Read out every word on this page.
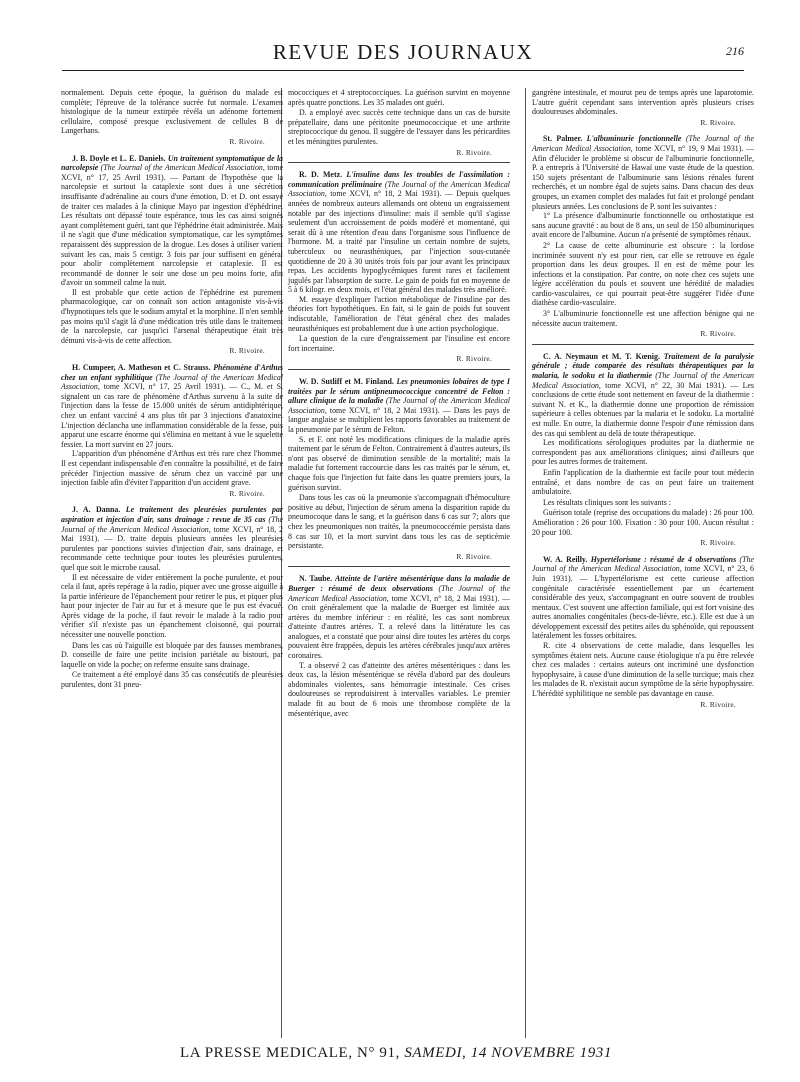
REVUE DES JOURNAUX	216

normalement. Depuis cette époque, la guérison du malade est complète; l'épreuve de la tolérance sucrée fut normale. L'examen histologique de la tumeur extirpée révéla un adénome fortement cellulaire, composé presque exclusivement de cellules B de Langerhans.

R. Rivoire.

J. B. Doyle et L. E. Daniels. Un traitement symptomatique de la narcolepsie (The Journal of the American Medical Association, tome XCVI, n° 17, 25 Avril 1931). — Partant de l'hypothèse que la narcolepsie et surtout la cataplexie sont dues à une sécrétion insuffisante d'adrénaline au cours d'une émotion, D. et D. ont essayé de traiter ces malades à la clinique Mayo par ingestion d'éphédrine. Les résultats ont dépassé toute espérance, tous les cas ainsi soignés ayant complètement guéri, tant que l'éphédrine était administrée. Mais il ne s'agit que d'une médication symptomatique, car les symptômes reparaissent dès suppression de la drogue. Les doses à utiliser varient suivant les cas, mais 5 centigr. 3 fois par jour suffisent en général pour abolir complètement narcolepsie et cataplexie. Il est recommandé de donner le soir une dose un peu moins forte, afin d'avoir un sommeil calme la nuit.

Il est probable que cette action de l'éphédrine est purement pharmacologique, car on connaît son action antagoniste vis-à-vis d'hypnotiques tels que le sodium amytal et la morphine. Il n'en semble pas moins qu'il s'agit là d'une médication très utile dans le traitement de la narcolepsie, car jusqu'ici l'arsenal thérapeutique était très démuni vis-à-vis de cette affection.

R. Rivoire.

H. Cumpeer, A. Matheson et C. Strauss. Phénomène d'Arthus chez un enfant syphilitique (The Journal of the American Medical Association, tome XCVI, n° 17, 25 Avril 1931). — C., M. et S. signalent un cas rare de phénomène d'Arthus survenu à la suite de l'injection dans la fesse de 15.000 unités de sérum antidiphtérique, chez un enfant vacciné 4 ans plus tôt par 3 injections d'anatoxine. L'injection déclancha une inflammation considérable de la fesse, puis apparut une escarre énorme qui s'élimina en mettant à vue le squelette fessier. La mort survint en 27 jours.

L'apparition d'un phénomène d'Arthus est très rare chez l'homme. Il est cependant indispensable d'en connaître la possibilité, et de faire précéder l'injection massive de sérum chez un vacciné par une injection faible afin d'éviter l'apparition d'un accident grave.

R. Rivoire.

J. A. Danna. Le traitement des pleurésies purulentes par aspiration et injection d'air, sans drainage : revue de 35 cas (The Journal of the American Medical Association, tome XCVI, n° 18, 2 Mai 1931). — D. traite depuis plusieurs années les pleurésies purulentes par ponctions suivies d'injection d'air, sans drainage, et recommande cette technique pour toutes les pleurésies purulentes, quel que soit le microbe causal.

Il est nécessaire de vider entièrement la poche purulente, et pour cela il faut, après repérage à la radio, piquer avec une grosse aiguille à la partie inférieure de l'épanchement pour retirer le pus, et piquer plus haut pour injecter de l'air au fur et à mesure que le pus est évacué. Après vidage de la poche, il faut revoir le malade à la radio pour vérifier s'il n'existe pas un épanchement cloisonné, qui pourrait nécessiter une nouvelle ponction.

Dans les cas où l'aiguille est bloquée par des fausses membranes, D. conseille de faire une petite incision pariétale au bistouri, par laquelle on vide la poche; on referme ensuite sans drainage.

Ce traitement a été employé dans 35 cas consécutifs de pleurésies purulentes, dont 31 pneu-

mococciques et 4 streptococciques. La guérison survint en moyenne après quatre ponctions. Les 35 malades ont guéri.

D. a employé avec succès cette technique dans un cas de bursite prépatellaire, dans une péritonite pneumococcique et une arthrite streptococcique du genou. Il suggère de l'essayer dans les péricardites et les méningites purulentes.

R. Rivoire.

R. D. Metz. L'insuline dans les troubles de l'assimilation : communication préliminaire (The Journal of the American Medical Association, tome XCVI, n° 18, 2 Mai 1931). — Depuis quelques années de nombreux auteurs allemands ont obtenu un engraissement notable par des injections d'insuline: mais il semble qu'il s'agisse seulement d'un accroissement de poids modéré et momentané, qui serait dû à une rétention d'eau dans l'organisme sous l'influence de l'hormone. M. a traité par l'insuline un certain nombre de sujets, tuberculeux ou neurasthéniques, par l'injection sous-cutanée quotidienne de 20 à 30 unités trois fois par jour avant les principaux repas. Les accidents hypoglycémiques furent rares et facilement jugulés par l'absorption de sucre. Le gain de poids fut en moyenne de 5 à 6 kilogr. en deux mois, et l'état général des malades très amélioré.

M. essaye d'expliquer l'action métabolique de l'insuline par des théories fort hypothétiques. En fait, si le gain de poids fut souvent indiscutable, l'amélioration de l'état général chez des malades neurasthéniques est probablement due à une action psychologique.

La question de la cure d'engraissement par l'insuline est encore fort incertaine.

R. Rivoire.

W. D. Sutliff et M. Finland. Les pneumonies lobaires de type I traitées par le sérum antipneumococcique concentré de Felton : allure clinique de la maladie (The Journal of the American Medical Association, tome XCVI, n° 18, 2 Mai 1931). — Dans les pays de langue anglaise se multiplient les rapports favorables au traitement de la pneumonie par le sérum de Felton.

S. et F. ont noté les modifications cliniques de la maladie après traitement par le sérum de Felton. Contrairement à d'autres auteurs, ils n'ont pas observé de diminution sensible de la mortalité; mais la maladie fut fortement raccourcie dans les cas traités par le sérum, et, chaque fois que l'injection fut faite dans les quatre premiers jours, la guérison survint.

Dans tous les cas où la pneumonie s'accompagnait d'hémoculture positive au début, l'injection de sérum amena la disparition rapide du pneumocoque dans le sang, et la guérison dans 6 cas sur 7; alors que chez les pneumoniques non traités, la pneumococcémie persista dans 8 cas sur 10, et la mort survint dans tous les cas de septicémie persistante.

R. Rivoire.

N. Taube. Atteinte de l'artère mésentérique dans la maladie de Buerger : résumé de deux observations (The Journal of the American Medical Association, tome XCVI, n° 18, 2 Mai 1931). — On croit généralement que la maladie de Buerger est limitée aux artères du membre inférieur : en réalité, les cas sont nombreux d'atteinte d'autres artères. T. a relevé dans la littérature les cas analogues, et a constaté que pour ainsi dire toutes les artères du corps pouvaient être frappées, depuis les artères cérébrales jusqu'aux artères coronaires.

T. a observé 2 cas d'atteinte des artères mésentériques : dans les deux cas, la lésion mésentérique se révéla d'abord par des douleurs abdominales violentes, sans hémorragie intestinale. Ces crises douloureuses se reproduisirent à intervalles variables. Le premier malade fit au bout de 6 mois une thrombose complète de la mésentérique, avec

gangrène intestinale, et mourut peu de temps après une laparotomie. L'autre guérit cependant sans intervention après plusieurs crises douloureuses abdominales.

R. Rivoire.

St. Palmer. L'albuminurie fonctionnelle (The Journal of the American Medical Association, tome XCVI, n° 19, 9 Mai 1931). — Afin d'élucider le problème si obscur de l'albuminurie fonctionnelle, P. a entrepris à l'Université de Hawaï une vaste étude de la question. 150 sujets présentant de l'albuminurie sans lésions rénales furent recherchés, et un nombre égal de sujets sains. Dans chacun des deux groupes, un examen complet des malades fut fait et prolongé pendant plusieurs années. Les conclusions de P. sont les suivantes :

1° La présence d'albuminurie fonctionnelle ou orthostatique est sans aucune gravité : au bout de 8 ans, un seul de 150 albuminuriques avait encore de l'albumine. Aucun n'a présenté de symptômes rénaux.

2° La cause de cette albuminurie est obscure : la lordose incriminée souvent n'y est pour rien, car elle se retrouve en égale proportion dans les deux groupes. Il en est de même pour les infections et la constipation. Par contre, on note chez ces sujets une légère accélération du pouls et souvent une hérédité de maladies cardio-vasculaires, ce qui pourrait peut-être suggérer l'idée d'une diathèse cardio-vasculaire.

3° L'albuminurie fonctionnelle est une affection bénigne qui ne nécessite aucun traitement.

R. Rivoire.

C. A. Neymaun et M. T. Kœnig. Traitement de la paralysie générale ; étude comparée des résultats thérapeutiques par la malaria, le sodoku et la diathermie (The Journal of the American Medical Association, tome XCVI, n° 22, 30 Mai 1931). — Les conclusions de cette étude sont nettement en faveur de la diathermie : suivant N. et K., la diathermie donne une proportion de rémission supérieure à celles obtenues par la malaria et le sodoku. La mortalité est nulle. En outre, la diathermie donne l'espoir d'une rémission dans des cas qui semblent au delà de toute thérapeutique.

Les modifications sérologiques produites par la diathermie ne correspondent pas aux améliorations cliniques; ainsi d'ailleurs que pour les autres formes de traitement.

Enfin l'application de la diathermie est facile pour tout médecin entraîné, et dans nombre de cas on peut faire un traitement ambulatoire.

Les résultats cliniques sont les suivants :

Guérison totale (reprise des occupations du malade) : 26 pour 100. Amélioration : 26 pour 100. Fixation : 30 pour 100. Aucun résultat : 20 pour 100.

R. Rivoire.

W. A. Reilly. Hypertélorisme : résumé de 4 observations (The Journal of the American Medical Association, tome XCVI, n° 23, 6 Juin 1931). — L'hypertélorisme est cette curieuse affection congénitale caractérisée essentiellement par un écartement considérable des yeux, s'accompagnant en outre souvent de troubles mentaux. C'est souvent une affection familiale, qui est fort voisine des autres anomalies congénitales (becs-de-lièvre, etc.). Elle est due à un développement excessif des petites ailes du sphénoïde, qui repoussent latéralement les fosses orbitaires.

R. cite 4 observations de cette maladie, dans lesquelles les symptômes étaient nets. Aucune cause étiologique n'a pu être relevée chez ces malades : certains auteurs ont incriminé une dysfonction hypophysaire, à cause d'une diminution de la selle turcique; mais chez les malades de R. n'existait aucun symptôme de la série hypophysaire. L'hérédité syphilitique ne semble pas davantage en cause.

R. Rivoire.
LA PRESSE MEDICALE, N° 91, SAMEDI, 14 NOVEMBRE 1931
